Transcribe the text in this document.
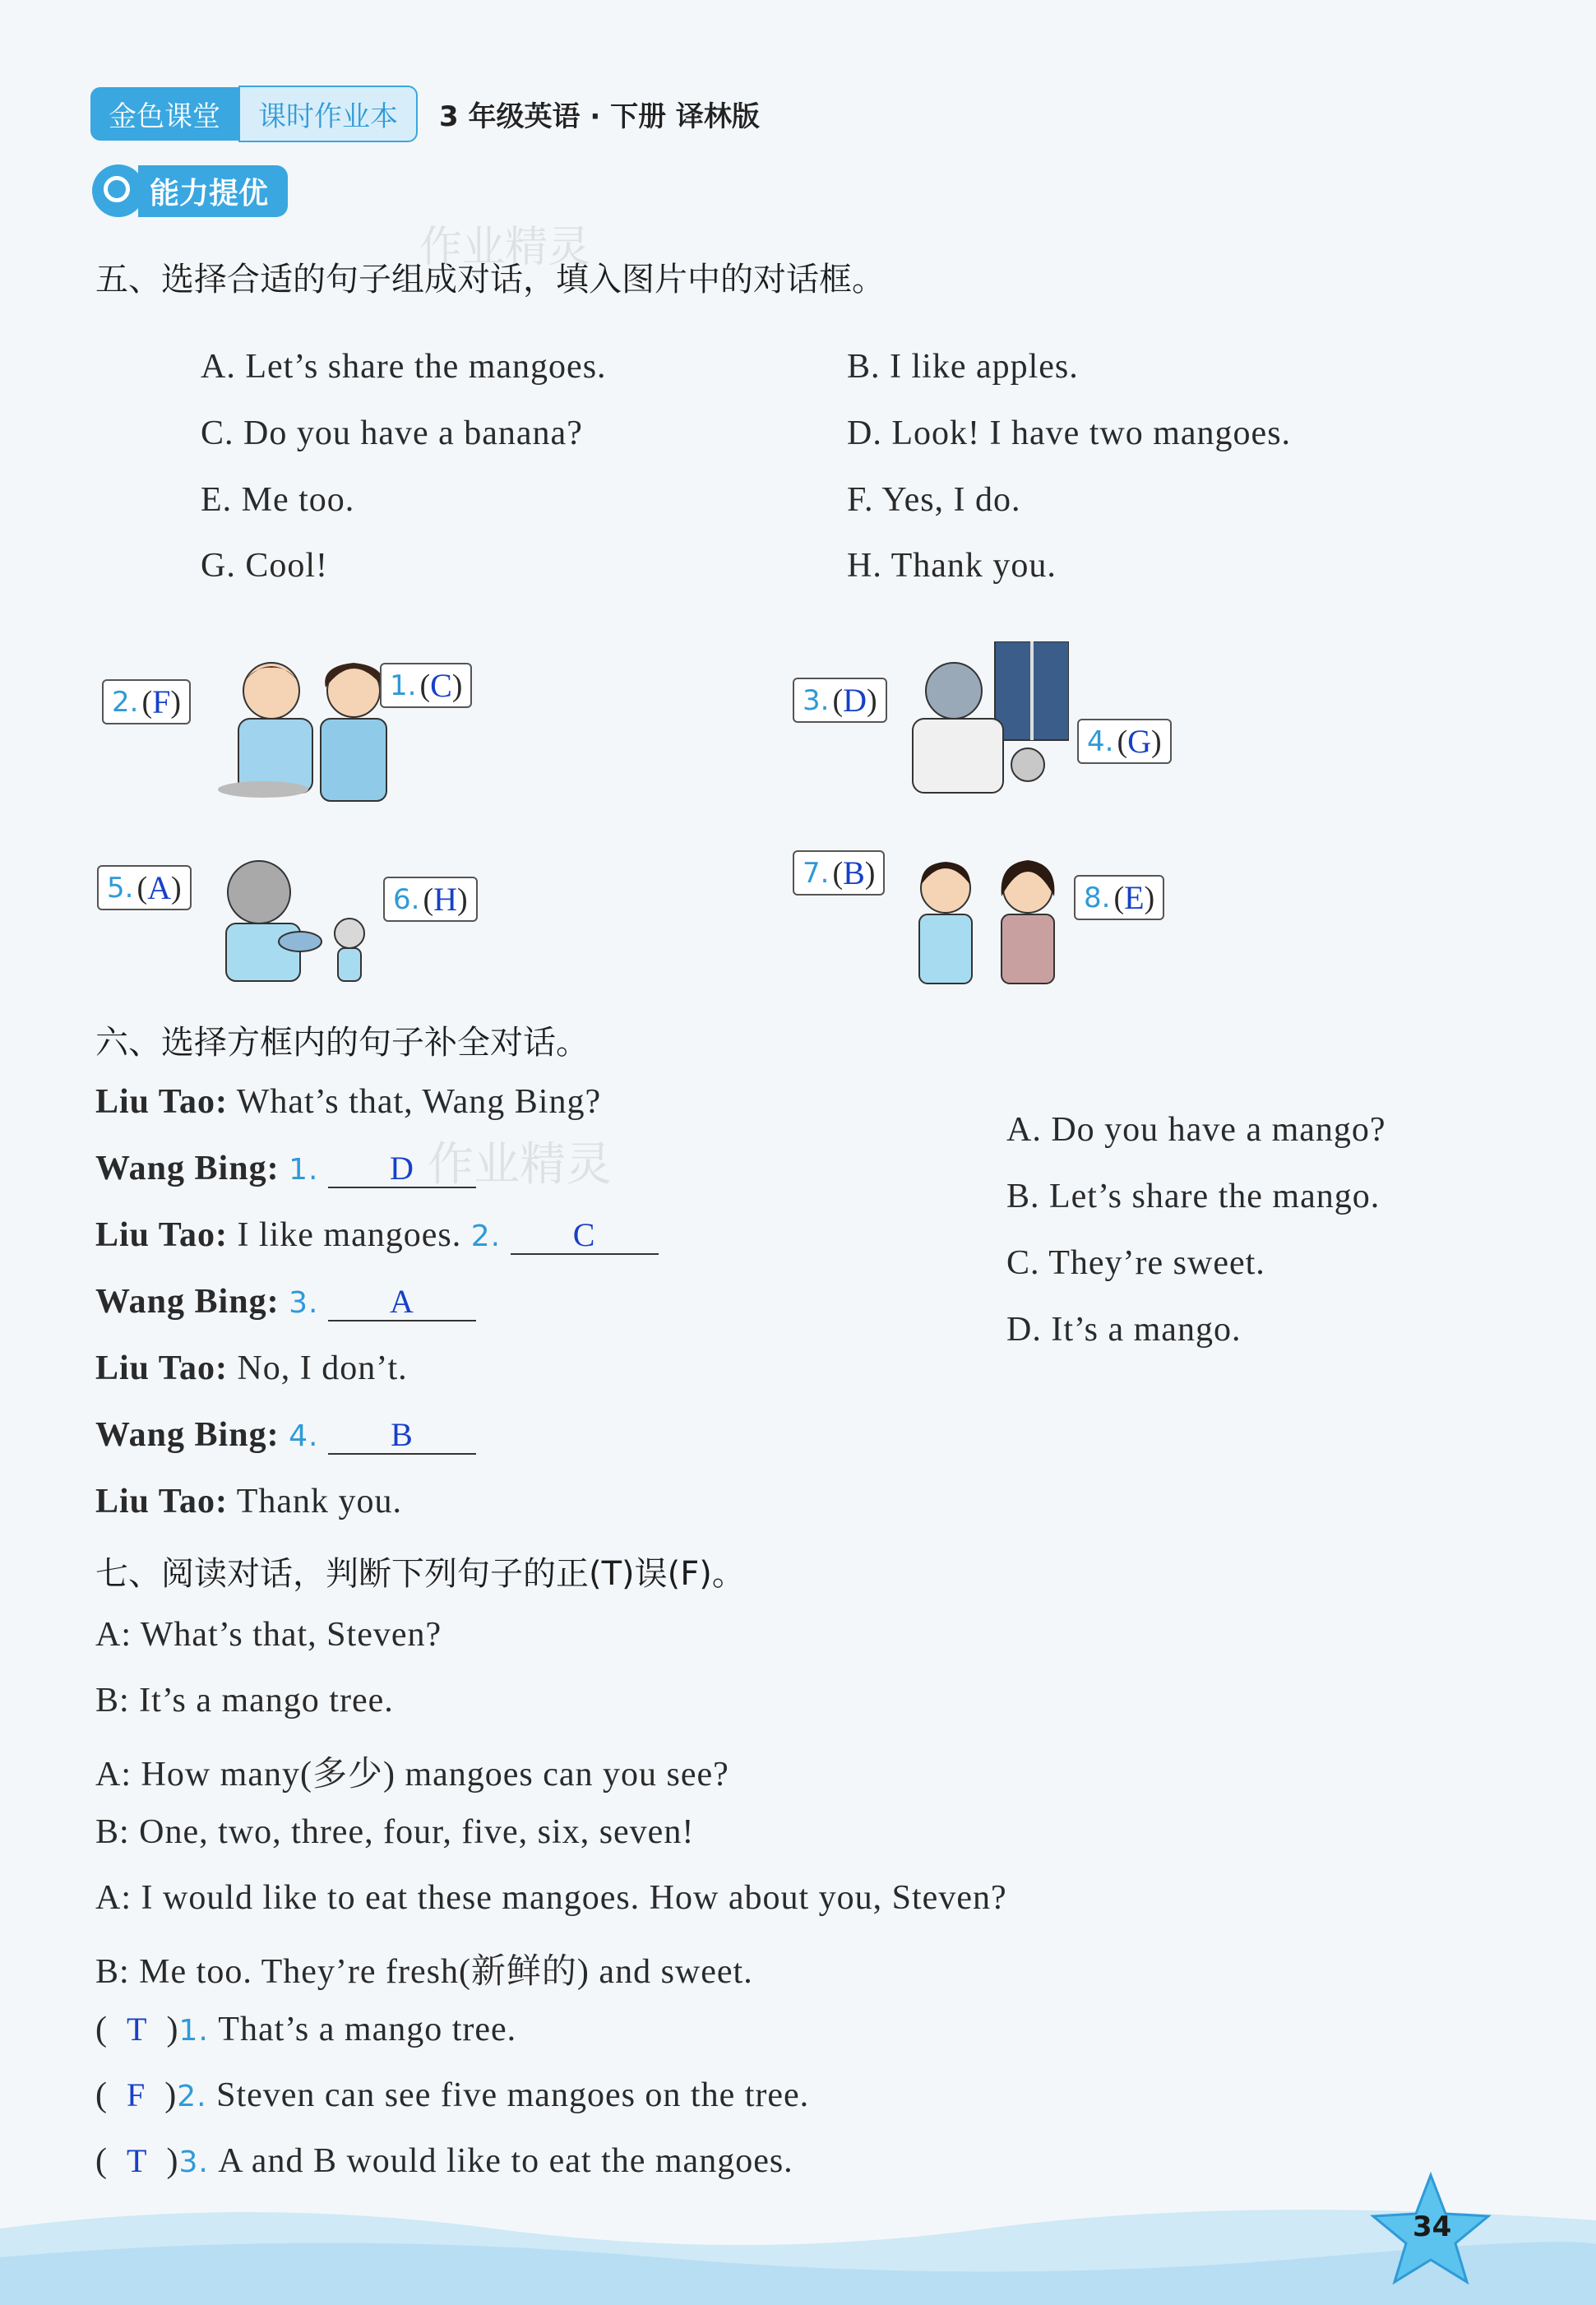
金色课堂	课时作业本	3 年级英语 · 下册 译林版
能力提优
作业精灵
作业精灵
五、选择合适的句子组成对话，填入图片中的对话框。
A. Let’s share the mangoes.	B. I like apples.
C. Do you have a banana?	D. Look! I have two mangoes.
E. Me too.	F. Yes, I do.
G. Cool!	H. Thank you.
2. ( F )	1. ( C )	3. ( D )
4. ( G )
5. ( A )	6. ( H )
7. ( B )
8. ( E )
六、选择方框内的句子补全对话。
Liu Tao: What’s that, Wang Bing?
Wang Bing: 1. D
Liu Tao: I like mangoes. 2. C
Wang Bing: 3. A
Liu Tao: No, I don’t.
Wang Bing: 4. B
Liu Tao: Thank you.
A. Do you have a mango?
B. Let’s share the mango.
C. They’re sweet.
D. It’s a mango.
七、阅读对话，判断下列句子的正(T)误(F)。
A: What’s that, Steven?
B: It’s a mango tree.
A: How many(多少) mangoes can you see?
B: One, two, three, four, five, six, seven!
A: I would like to eat these mangoes. How about you, Steven?
B: Me too. They’re fresh(新鲜的) and sweet.
(  T  )1. That’s a mango tree.
(  F  )2. Steven can see five mangoes on the tree.
(  T  )3. A and B would like to eat the mangoes.
34
